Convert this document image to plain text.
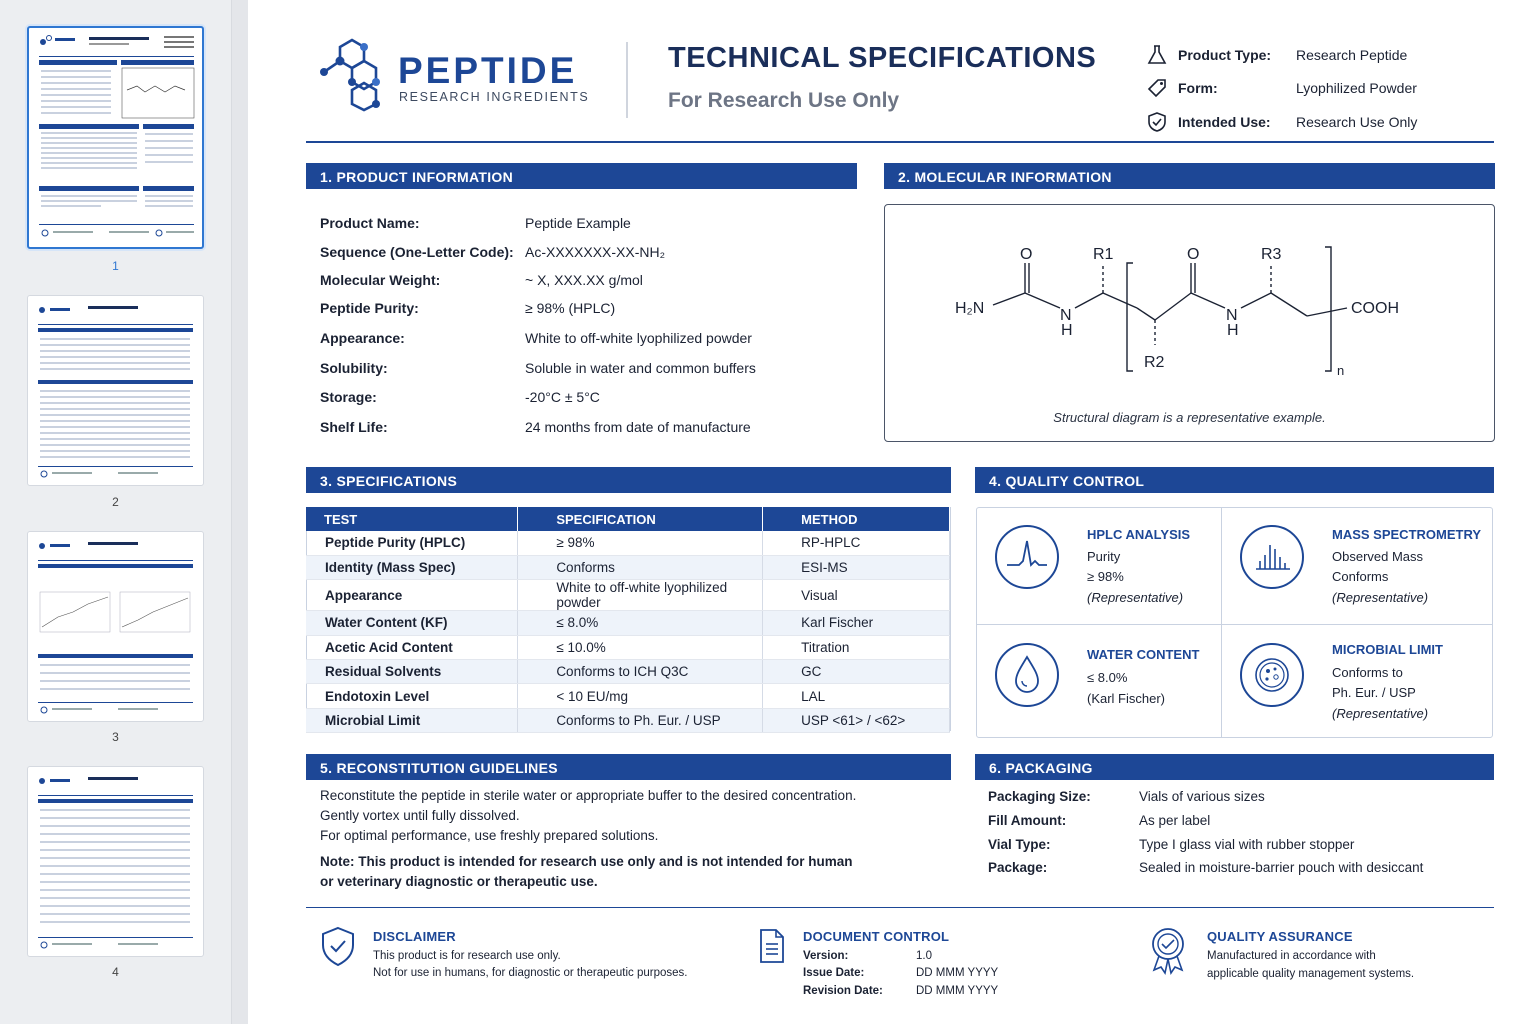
1
2
3
4
PEPTIDE
RESEARCH INGREDIENTS
TECHNICAL SPECIFICATIONS
For Research Use Only
Product Type:	Research Peptide
Form:	Lyophilized Powder
Intended Use:	Research Use Only
1. PRODUCT INFORMATION
Product Name:	Peptide Example
Sequence (One-Letter Code): Ac-XXXXXXX-XX-NH₂
Molecular Weight:	~ X, XXX.XX g/mol
Peptide Purity:	≥ 98% (HPLC)
Appearance:	White to off-white lyophilized powder
Solubility:	Soluble in water and common buffers
Storage:	-20°C ± 5°C
Shelf Life:	24 months from date of manufacture
2. MOLECULAR INFORMATION
H₂N
O	R1	O	R3
N
H
N
H
R2
COOH
n
Structural diagram is a representative example.
3. SPECIFICATIONS
TEST	SPECIFICATION	METHOD
Peptide Purity (HPLC)	≥ 98%	RP-HPLC
Identity (Mass Spec)	Conforms	ESI-MS
Appearance	White to off-white lyophilized powder	Visual
Water Content (KF)	≤ 8.0%	Karl Fischer
Acetic Acid Content	≤ 10.0%	Titration
Residual Solvents	Conforms to ICH Q3C	GC
Endotoxin Level	< 10 EU/mg	LAL
Microbial Limit	Conforms to Ph. Eur. / USP	USP <61> / <62>
4. QUALITY CONTROL
HPLC ANALYSIS
Purity
≥ 98%
(Representative)
MASS SPECTROMETRY
Observed Mass
Conforms
(Representative)
WATER CONTENT
≤ 8.0%
(Karl Fischer)
MICROBIAL LIMIT
Conforms to
Ph. Eur. / USP
(Representative)
5. RECONSTITUTION GUIDELINES
Reconstitute the peptide in sterile water or appropriate buffer to the desired concentration.
Gently vortex until fully dissolved.
For optimal performance, use freshly prepared solutions.
Note: This product is intended for research use only and is not intended for human
or veterinary diagnostic or therapeutic use.
6. PACKAGING
Packaging Size:	Vials of various sizes
Fill Amount:	As per label
Vial Type:	Type I glass vial with rubber stopper
Package:	Sealed in moisture-barrier pouch with desiccant
DISCLAIMER
This product is for research use only.
Not for use in humans, for diagnostic or therapeutic purposes.
DOCUMENT CONTROL
Version:	1.0
Issue Date:	DD MMM YYYY
Revision Date:	DD MMM YYYY
QUALITY ASSURANCE
Manufactured in accordance with
applicable quality management systems.
